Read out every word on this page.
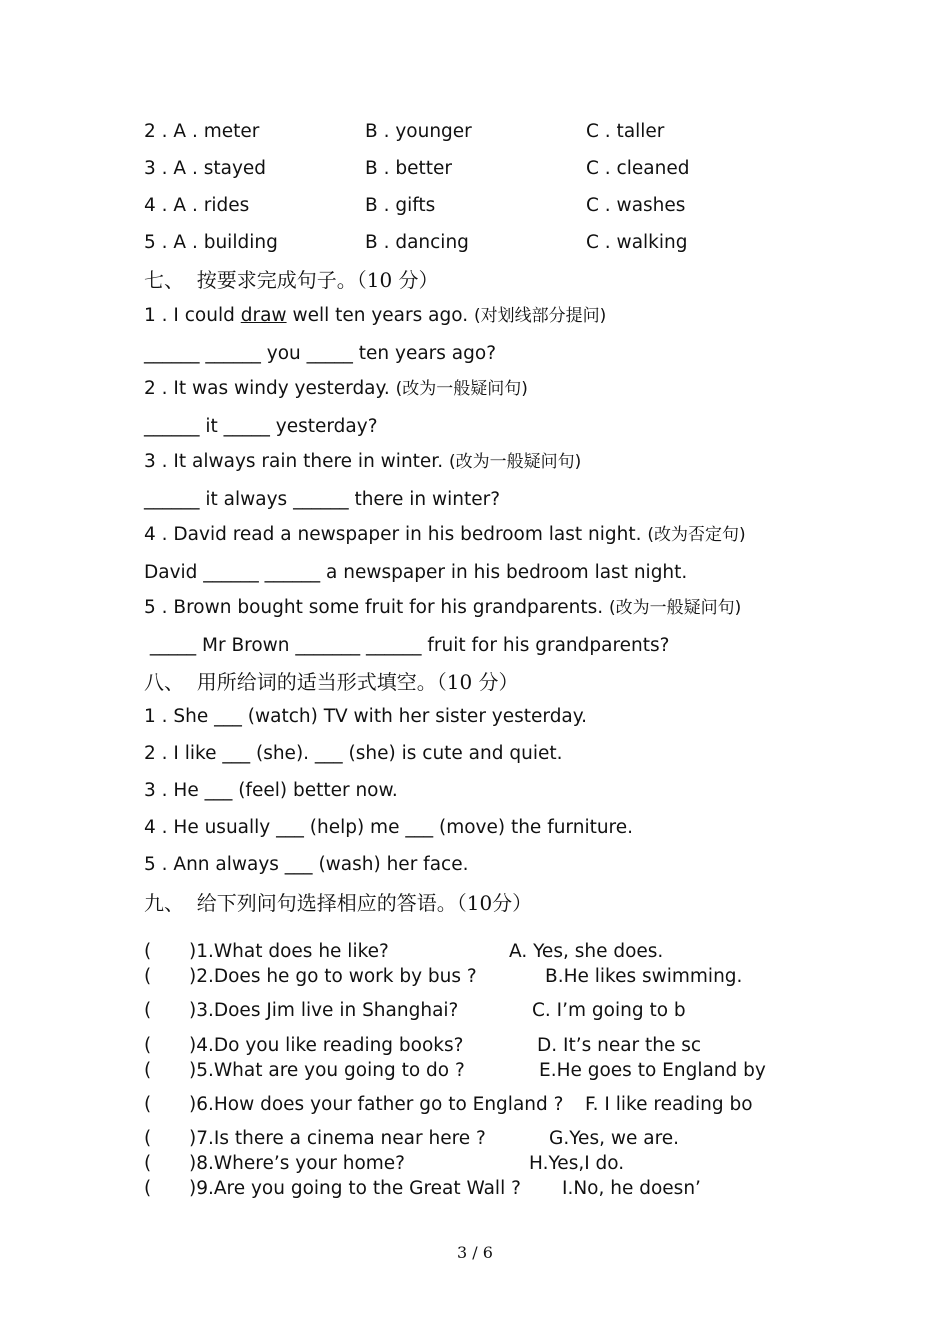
2 . A . meter	B . younger	C . taller
3 . A . stayed	B . better	C . cleaned
4 . A . rides	B . gifts	C . washes
5 . A . building	B . dancing	C . walking
七、  按要求完成句子。（10 分）
1 . I could draw well ten years ago. (对划线部分提问)
______ ______ you _____ ten years ago?
2 . It was windy yesterday. (改为一般疑问句)
______ it _____ yesterday?
3 . It always rain there in winter. (改为一般疑问句)
______ it always ______ there in winter?
4 . David read a newspaper in his bedroom last night. (改为否定句)
David ______ ______ a newspaper in his bedroom last night.
5 . Brown bought some fruit for his grandparents. (改为一般疑问句)
_____ Mr Brown _______ ______ fruit for his grandparents?
八、  用所给词的适当形式填空。（10 分）
1 . She ___ (watch) TV with her sister yesterday.
2 . I like ___ (she). ___ (she) is cute and quiet.
3 . He ___ (feel) better now.
4 . He usually ___ (help) me ___ (move) the furniture.
5 . Ann always ___ (wash) her face.
九、  给下列问句选择相应的答语。（10分）
( )1.What does he like?	A. Yes, she does.
( )2.Does he go to work by bus ?	B.He likes swimming.
( )3.Does Jim live in Shanghai?	C. I’m going to b
( )4.Do you like reading books?	D. It’s near the sc
( )5.What are you going to do ?	E.He goes to England by
( )6.How does your father go to England ? F. I like reading bo
( )7.Is there a cinema near here ?	G.Yes, we are.
( )8.Where’s your home?	H.Yes,I do.
( )9.Are you going to the Great Wall ? I.No, he doesn’
3 / 6
